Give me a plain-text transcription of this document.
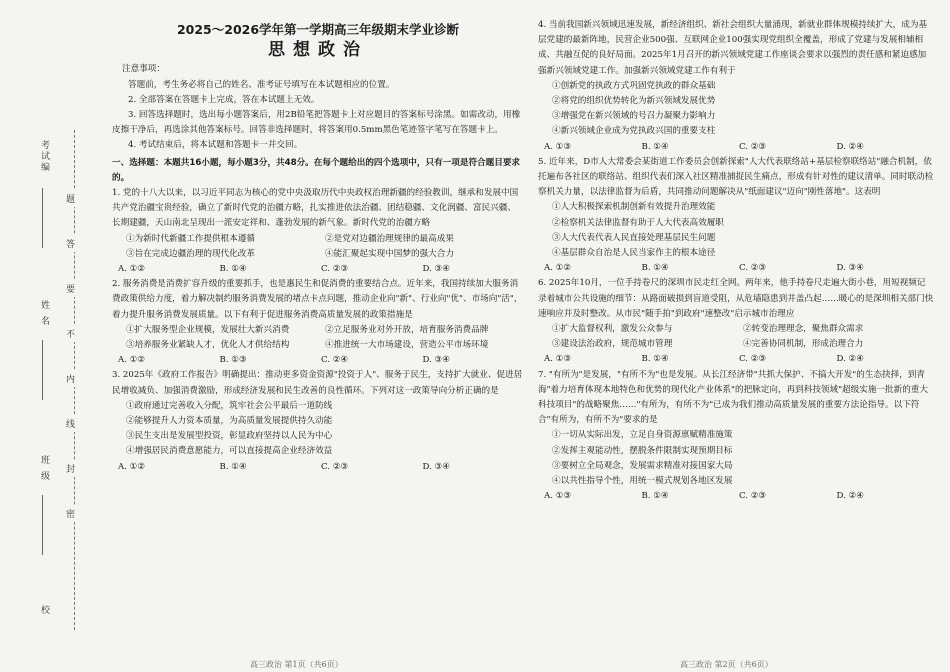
考试编
姓 名
班 级
校
题
答
要
不
内
线
封
密
2025～2026学年第一学期高三年级期末学业诊断
思想政治
注意事项：

答题前，考生务必将自己的姓名、准考证号填写在本试题相应的位置。

2. 全部答案在答题卡上完成，答在本试题上无效。

3. 回答选择题时，选出每小题答案后，用2B铅笔把答题卡上对应题目的答案标号涂黑。如需改动，用橡皮擦干净后，再选涂其他答案标号。回答非选择题时，将答案用0.5mm黑色笔迹签字笔写在答题卡上。

4. 考试结束后，将本试题和答题卡一并交回。

一、选择题：本题共16小题，每小题3分，共48分。在每个题给出的四个选项中，只有一项是符合题目要求的。

1. 党的十八大以来，以习近平同志为核心的党中央汲取历代中央政权治理新疆的经验教训，继承和发展中国共产党治疆宝贵经验，确立了新时代党的治疆方略，扎实推进依法治疆、团结稳疆、文化润疆、富民兴疆、长期建疆，天山南北呈现出一派安定祥和、蓬勃发展的新气象。新时代党的治疆方略

①为新时代新疆工作提供根本遵循	②是党对边疆治理规律的最高成果
③旨在完成边疆治理的现代化改革	④能汇聚起实现中国梦的强大合力
A. ①②	B. ①④	C. ②③	D. ③④

2. 服务消费是消费扩容升级的重要抓手，也是惠民生和促消费的重要结合点。近年来，我国持续加大服务消费政策供给力度，着力解决制约服务消费发展的堵点卡点问题，推动企业向"新"、行业向"优"、市场向"活"，着力提升服务消费发展质量。以下有利于促进服务消费高质量发展的政策措施是

①扩大服务型企业规模，发展壮大新兴消费	②立足服务业对外开放，培育服务消费品牌
③培养服务业紧缺人才，优化人才供给结构	④推进统一大市场建设，营造公平市场环境
A. ①②	B. ①③	C. ②④	D. ③④

3. 2025年《政府工作报告》明确提出：推动更多资金资源"投资于人"、服务于民生，支持扩大就业、促进居民增收减负、加强消费激励，形成经济发展和民生改善的良性循环。下列对这一政策导向分析正确的是

①政府通过完善收入分配，筑牢社会公平最后一道防线

②能够提升人力资本质量，为高质量发展提供持久动能

③民生支出是发展型投资，彰显政府坚持以人民为中心

④增强居民消费意愿能力，可以直接提高企业经济效益

A. ①②	B. ①④	C. ②③	D. ③④

4. 当前我国新兴领域迅速发展，新经济组织、新社会组织大量涌现，新就业群体规模持续扩大，成为基层党建的最新阵地，民营企业500强、互联网企业100强实现党组织全覆盖，形成了党建与发展相辅相成、共融互促的良好局面。2025年1月召开的新兴领域党建工作座谈会要求以强烈的责任感和紧迫感加强新兴领域党建工作。加强新兴领域党建工作有利于

①创新党的执政方式巩固党执政的群众基础

②将党的组织优势转化为新兴领域发展优势

③增强党在新兴领域的号召力凝聚力影响力

④新兴领域企业成为党执政兴国的重要支柱

A. ①③	B. ①④	C. ②③	D. ②④

5. 近年来，D市人大常委会某街道工作委员会创新探索"人大代表联络站+基层检察联络站"融合机制，依托遍布各社区的联络站、组织代表们深入社区精准捕捉民生痛点，形成有针对性的建议清单。同时联动检察机关力量，以法律监督为后盾，共同推动问题解决从"纸面建议"迈向"刚性落地"。这表明

①人大积极探索机制创新有效提升治理效能

②检察机关法律监督有助于人大代表高效履职

③人大代表代表人民直接处理基层民生问题

④基层群众自治是人民当家作主的根本途径

A. ①②	B. ①④	C. ②③	D. ③④

6. 2025年10月，一位手持卷尺的深圳市民走红全网。两年来，他手持卷尺走遍大街小巷，用短视频记录着城市公共设施的细节：从路面破损到盲道受阻，从危墙隐患到井盖凸起……暖心的是深圳相关部门快速响应并及时整改。从市民"随手拍"到政府"速整改"启示城市治理应

①扩大监督权利，激发公众参与	②转变治理理念，聚焦群众需求
③建设法治政府，规范城市管理	④完善协同机制，形成治理合力
A. ①③	B. ①④	C. ②③	D. ②④

7. "有所为"是发展，"有所不为"也是发展。从长江经济带"共抓大保护、不搞大开发"的生态抉择，到青海"着力培育体现本地特色和优势的现代化产业体系"的把脉定向，再到科技领域"超级实施一批新的重大科技项目"的战略聚焦……"有所为，有所不为"已成为我们推动高质量发展的重要方法论指导。以下符合"有所为，有所不为"要求的是

①一切从实际出发，立足自身资源禀赋精准施策

②发挥主观能动性，摆脱条件限制实现预期目标

③要树立全局观念，发展需求精准对接国家大局

④以共性指导个性，用统一模式规划各地区发展

A. ①③	B. ①④	C. ②③	D. ②④
高三政治 第1页（共6页）	高三政治 第2页（共6页）
